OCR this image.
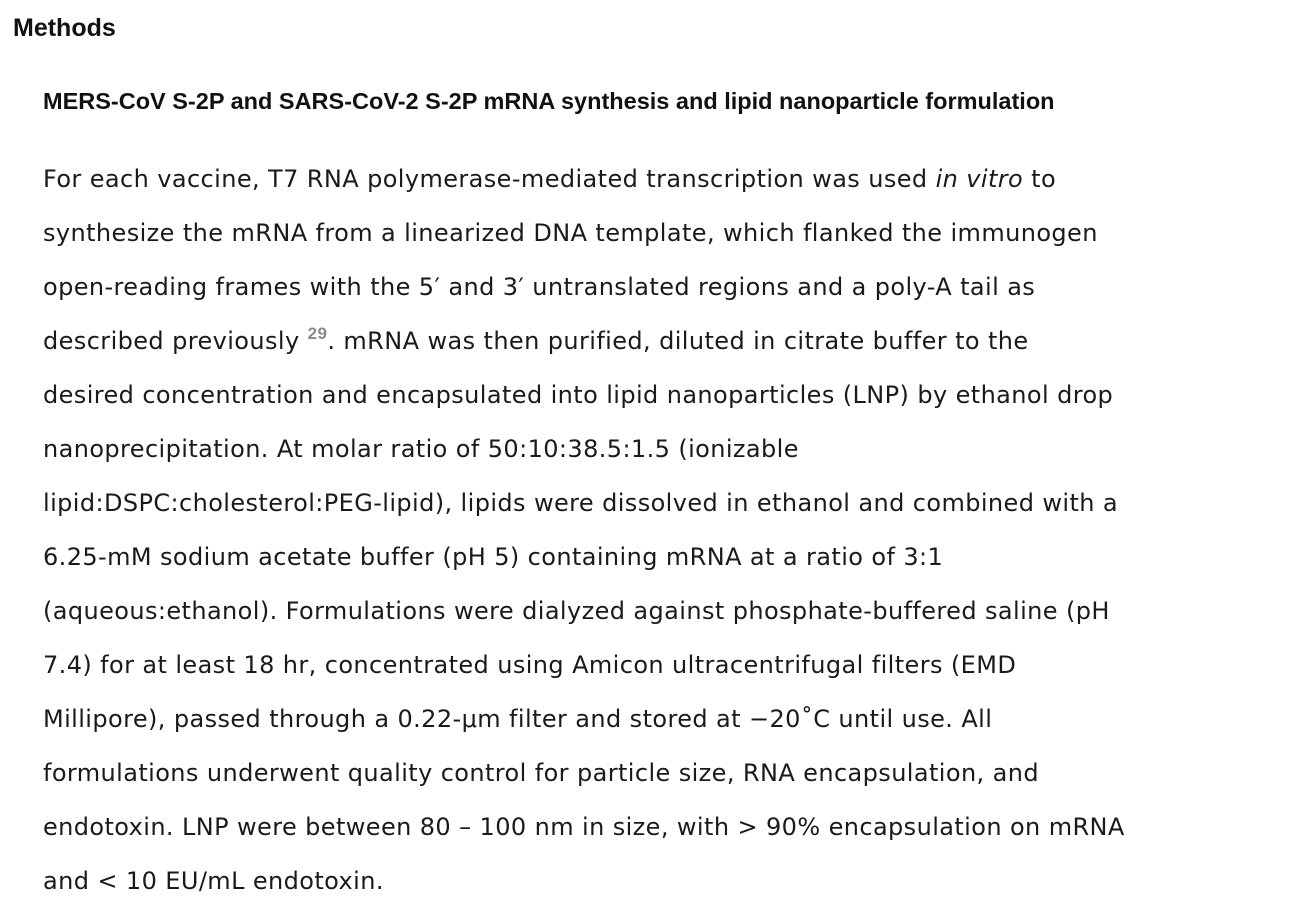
Methods
MERS-CoV S-2P and SARS-CoV-2 S-2P mRNA synthesis and lipid nanoparticle formulation

For each vaccine, T7 RNA polymerase-mediated transcription was used in vitro to
synthesize the mRNA from a linearized DNA template, which flanked the immunogen
open-reading frames with the 5′ and 3′ untranslated regions and a poly-A tail as
described previously $^{29}$. mRNA was then purified, diluted in citrate buffer to the
desired concentration and encapsulated into lipid nanoparticles (LNP) by ethanol drop
nanoprecipitation. At molar ratio of 50:10:38.5:1.5 (ionizable
lipid:DSPC:cholesterol:PEG-lipid), lipids were dissolved in ethanol and combined with a
6.25-mM sodium acetate buffer (pH 5) containing mRNA at a ratio of 3:1
(aqueous:ethanol). Formulations were dialyzed against phosphate-buffered saline (pH
7.4) for at least 18 hr, concentrated using Amicon ultracentrifugal filters (EMD
Millipore), passed through a 0.22-μm filter and stored at −20˚C until use. All
formulations underwent quality control for particle size, RNA encapsulation, and
endotoxin. LNP were between 80 – 100 nm in size, with > 90% encapsulation on mRNA
and < 10 EU/mL endotoxin.
